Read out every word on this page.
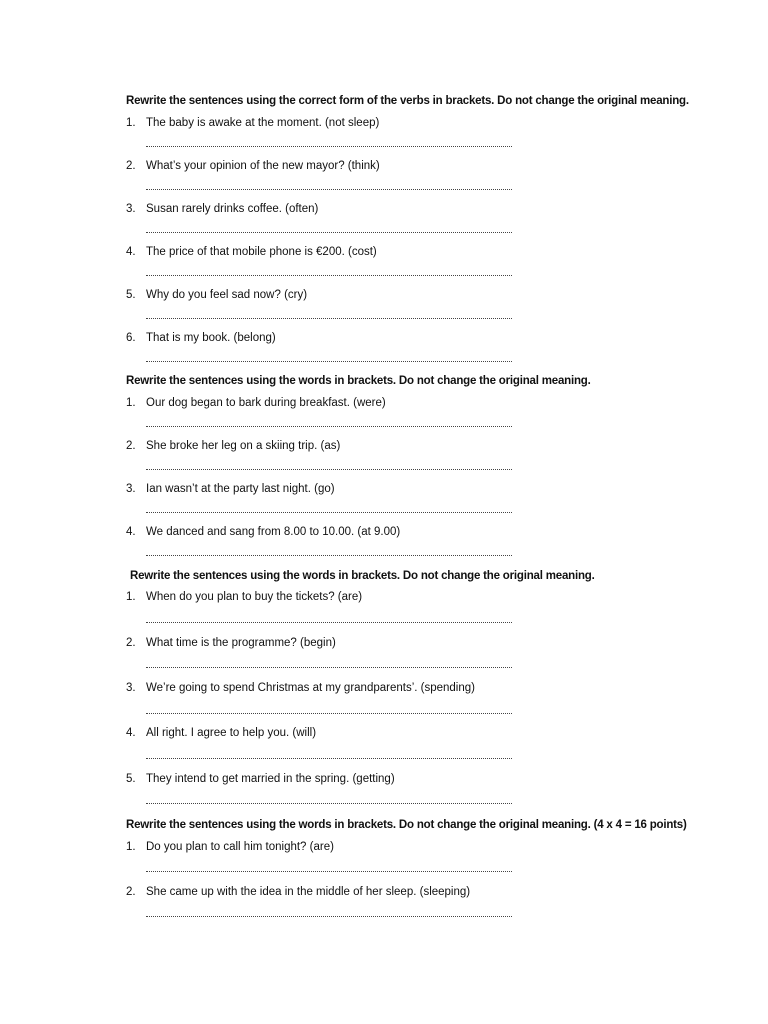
Rewrite the sentences using the correct form of the verbs in brackets. Do not change the original meaning.
1. The baby is awake at the moment. (not sleep)
2. What’s your opinion of the new mayor? (think)
3. Susan rarely drinks coffee. (often)
4. The price of that mobile phone is €200. (cost)
5. Why do you feel sad now? (cry)
6. That is my book. (belong)
Rewrite the sentences using the words in brackets. Do not change the original meaning.
1. Our dog began to bark during breakfast. (were)
2. She broke her leg on a skiing trip. (as)
3. Ian wasn’t at the party last night. (go)
4. We danced and sang from 8.00 to 10.00. (at 9.00)
Rewrite the sentences using the words in brackets. Do not change the original meaning.
1. When do you plan to buy the tickets? (are)
2. What time is the programme? (begin)
3. We’re going to spend Christmas at my grandparents’. (spending)
4. All right. I agree to help you. (will)
5. They intend to get married in the spring. (getting)
Rewrite the sentences using the words in brackets. Do not change the original meaning. (4 x 4 = 16 points)
1. Do you plan to call him tonight? (are)
2. She came up with the idea in the middle of her sleep. (sleeping)
